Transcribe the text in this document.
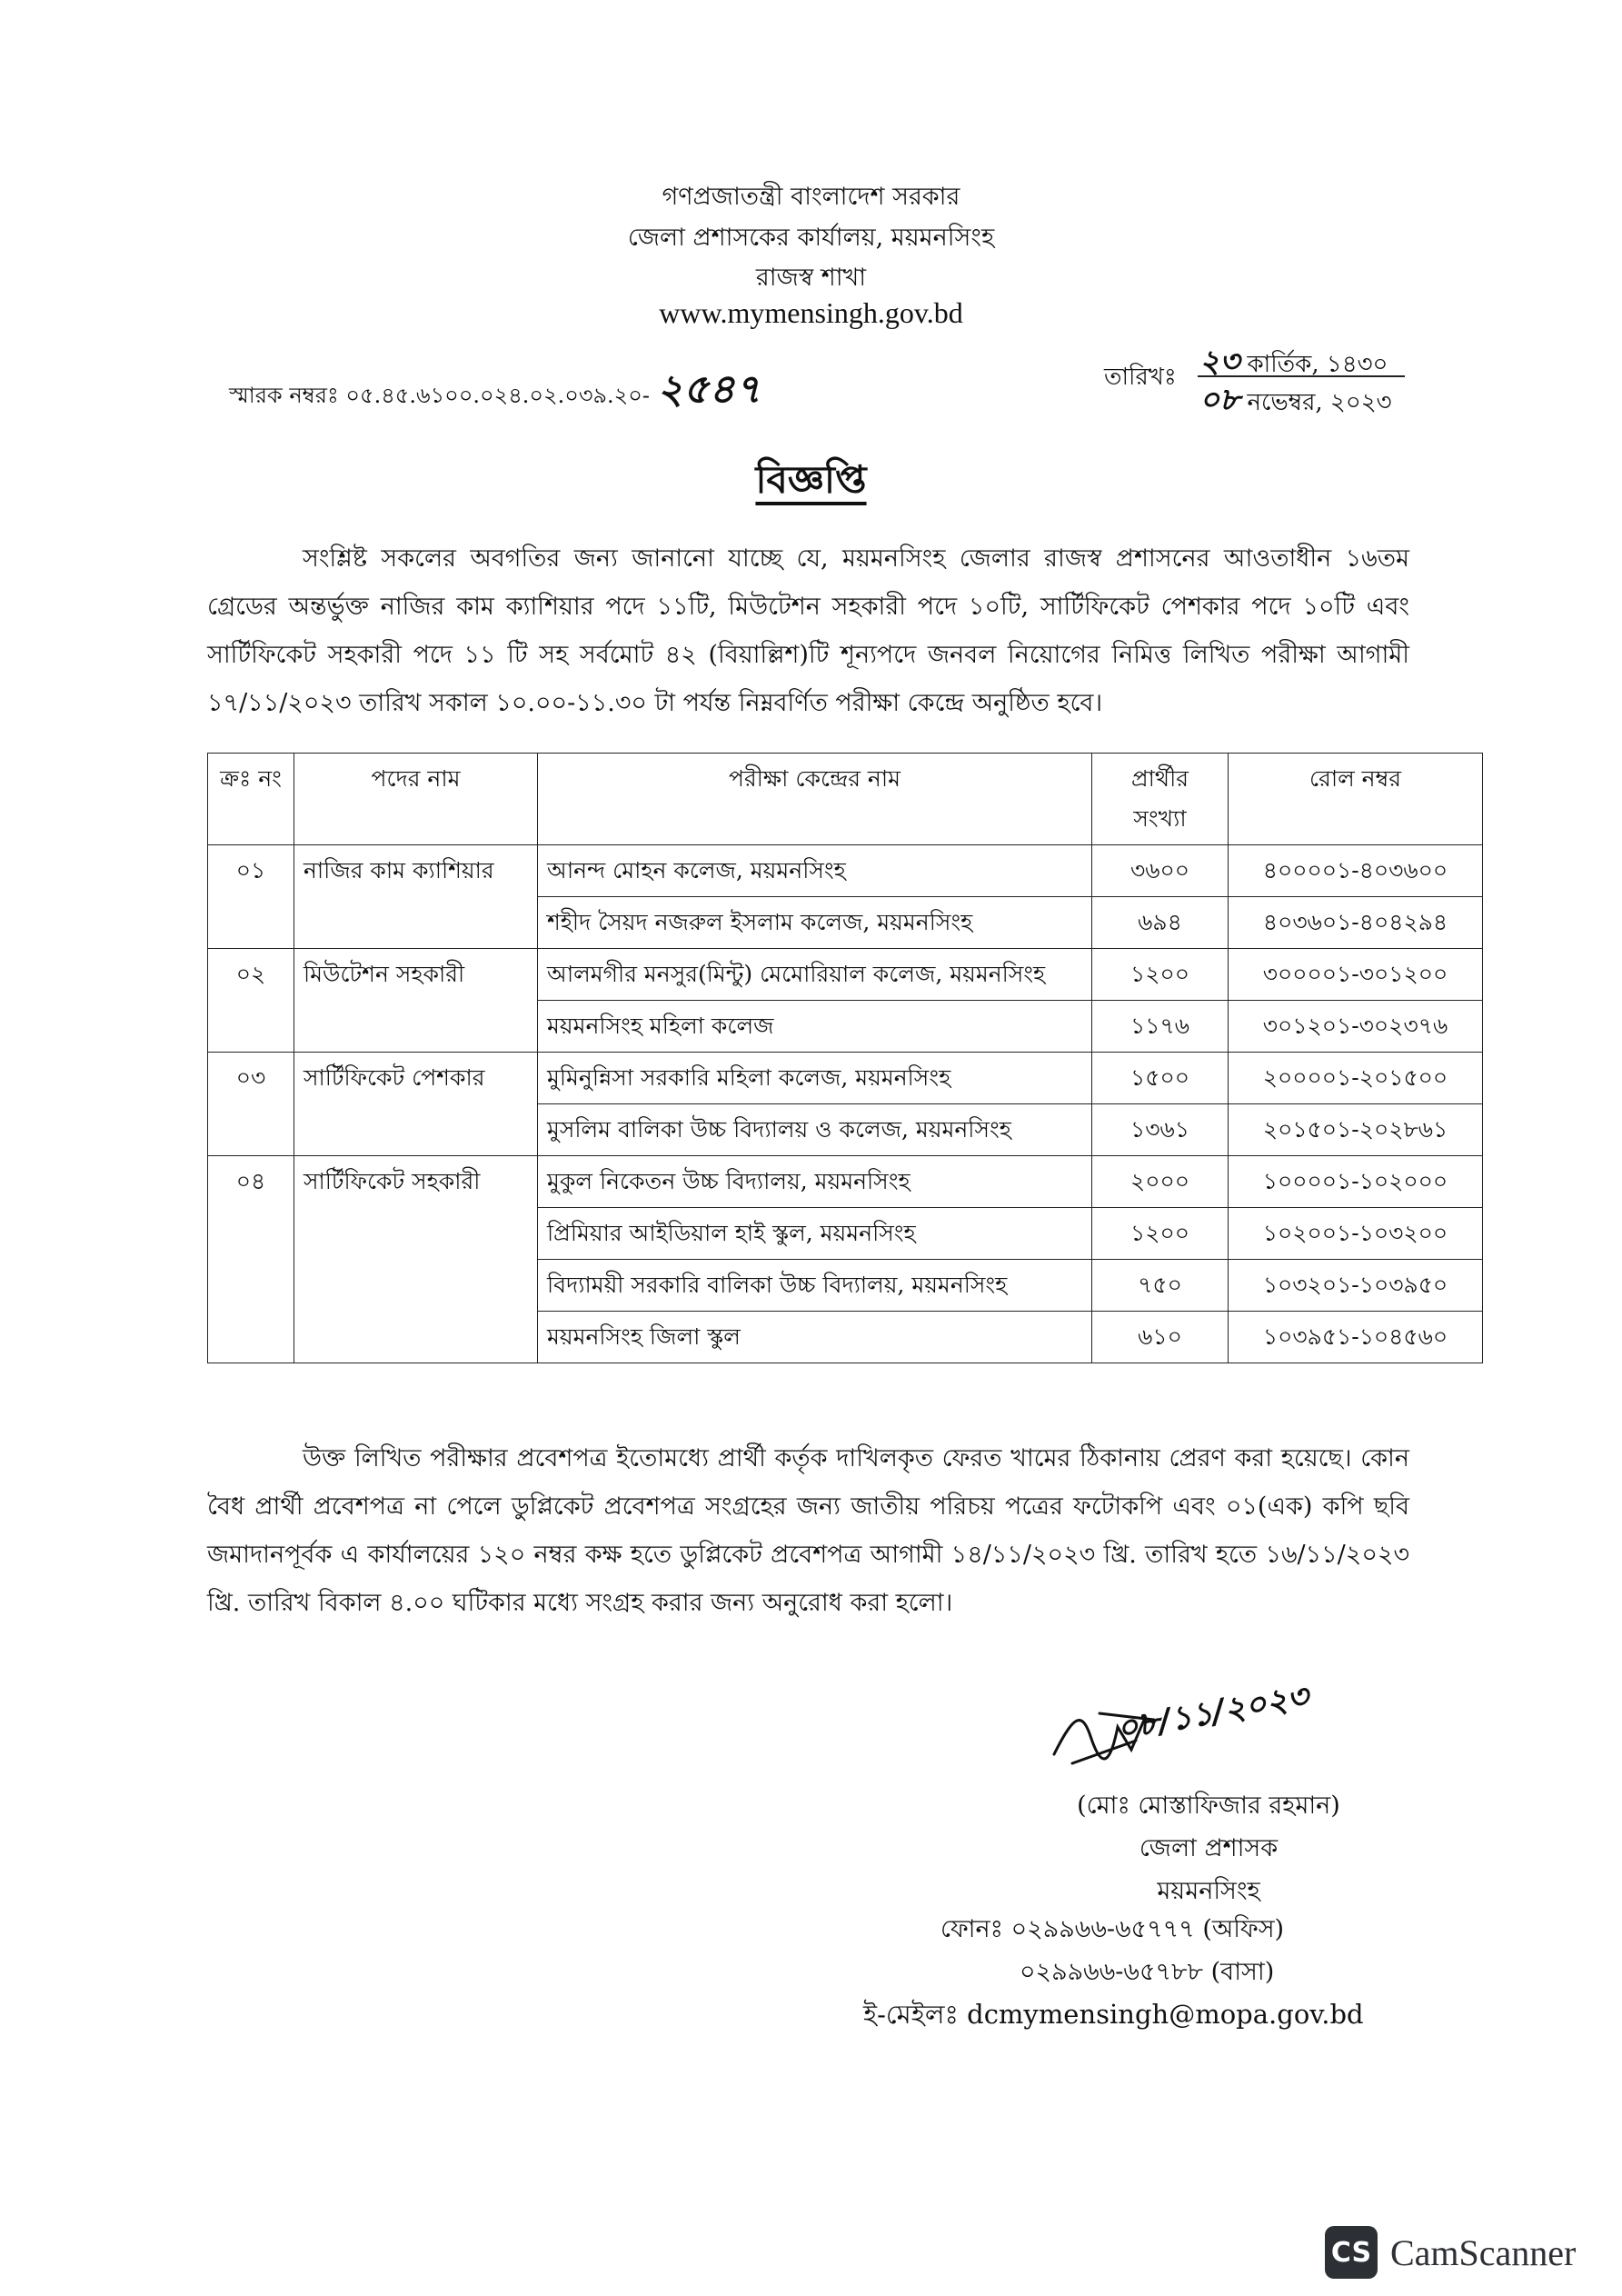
গণপ্রজাতন্ত্রী বাংলাদেশ সরকার
জেলা প্রশাসকের কার্যালয়, ময়মনসিংহ
রাজস্ব শাখা
www.mymensingh.gov.bd
স্মারক নম্বরঃ ০৫.৪৫.৬১০০.০২৪.০২.০৩৯.২০- ২৫৪৭	তারিখঃ ২৩ কার্তিক, ১৪৩০
০৮ নভেম্বর, ২০২৩
বিজ্ঞপ্তি
সংশ্লিষ্ট সকলের অবগতির জন্য জানানো যাচ্ছে যে, ময়মনসিংহ জেলার রাজস্ব প্রশাসনের আওতাধীন ১৬তম গ্রেডের অন্তর্ভুক্ত নাজির কাম ক্যাশিয়ার পদে ১১টি, মিউটেশন সহকারী পদে ১০টি, সার্টিফিকেট পেশকার পদে ১০টি এবং সার্টিফিকেট সহকারী পদে ১১ টি সহ সর্বমোট ৪২ (বিয়াল্লিশ)টি শূন্যপদে জনবল নিয়োগের নিমিত্ত লিখিত পরীক্ষা আগামী ১৭/১১/২০২৩ তারিখ সকাল ১০.০০-১১.৩০ টা পর্যন্ত নিম্নবর্ণিত পরীক্ষা কেন্দ্রে অনুষ্ঠিত হবে।
ক্রঃ নং	পদের নাম	পরীক্ষা কেন্দ্রের নাম	প্রার্থীর সংখ্যা	রোল নম্বর
০১	নাজির কাম ক্যাশিয়ার	আনন্দ মোহন কলেজ, ময়মনসিংহ	৩৬০০	৪০০০০১-৪০৩৬০০
		শহীদ সৈয়দ নজরুল ইসলাম কলেজ, ময়মনসিংহ	৬৯৪	৪০৩৬০১-৪০৪২৯৪
০২	মিউটেশন সহকারী	আলমগীর মনসুর(মিন্টু) মেমোরিয়াল কলেজ, ময়মনসিংহ	১২০০	৩০০০০১-৩০১২০০
		ময়মনসিংহ মহিলা কলেজ	১১৭৬	৩০১২০১-৩০২৩৭৬
০৩	সার্টিফিকেট পেশকার	মুমিনুন্নিসা সরকারি মহিলা কলেজ, ময়মনসিংহ	১৫০০	২০০০০১-২০১৫০০
		মুসলিম বালিকা উচ্চ বিদ্যালয় ও কলেজ, ময়মনসিংহ	১৩৬১	২০১৫০১-২০২৮৬১
০৪	সার্টিফিকেট সহকারী	মুকুল নিকেতন উচ্চ বিদ্যালয়, ময়মনসিংহ	২০০০	১০০০০১-১০২০০০
		প্রিমিয়ার আইডিয়াল হাই স্কুল, ময়মনসিংহ	১২০০	১০২০০১-১০৩২০০
		বিদ্যাময়ী সরকারি বালিকা উচ্চ বিদ্যালয়, ময়মনসিংহ	৭৫০	১০৩২০১-১০৩৯৫০
		ময়মনসিংহ জিলা স্কুল	৬১০	১০৩৯৫১-১০৪৫৬০
উক্ত লিখিত পরীক্ষার প্রবেশপত্র ইতোমধ্যে প্রার্থী কর্তৃক দাখিলকৃত ফেরত খামের ঠিকানায় প্রেরণ করা হয়েছে। কোন বৈধ প্রার্থী প্রবেশপত্র না পেলে ডুপ্লিকেট প্রবেশপত্র সংগ্রহের জন্য জাতীয় পরিচয় পত্রের ফটোকপি এবং ০১(এক) কপি ছবি জমাদানপূর্বক এ কার্যালয়ের ১২০ নম্বর কক্ষ হতে ডুপ্লিকেট প্রবেশপত্র আগামী ১৪/১১/২০২৩ খ্রি. তারিখ হতে ১৬/১১/২০২৩ খ্রি. তারিখ বিকাল ৪.০০ ঘটিকার মধ্যে সংগ্রহ করার জন্য অনুরোধ করা হলো।
০৮/১১/২০২৩
(মোঃ মোস্তাফিজার রহমান)
জেলা প্রশাসক
ময়মনসিংহ
ফোনঃ ০২৯৯৬৬-৬৫৭৭৭ (অফিস)
০২৯৯৬৬-৬৫৭৮৮ (বাসা)
ই-মেইলঃ dcmymensingh@mopa.gov.bd
CS CamScanner
